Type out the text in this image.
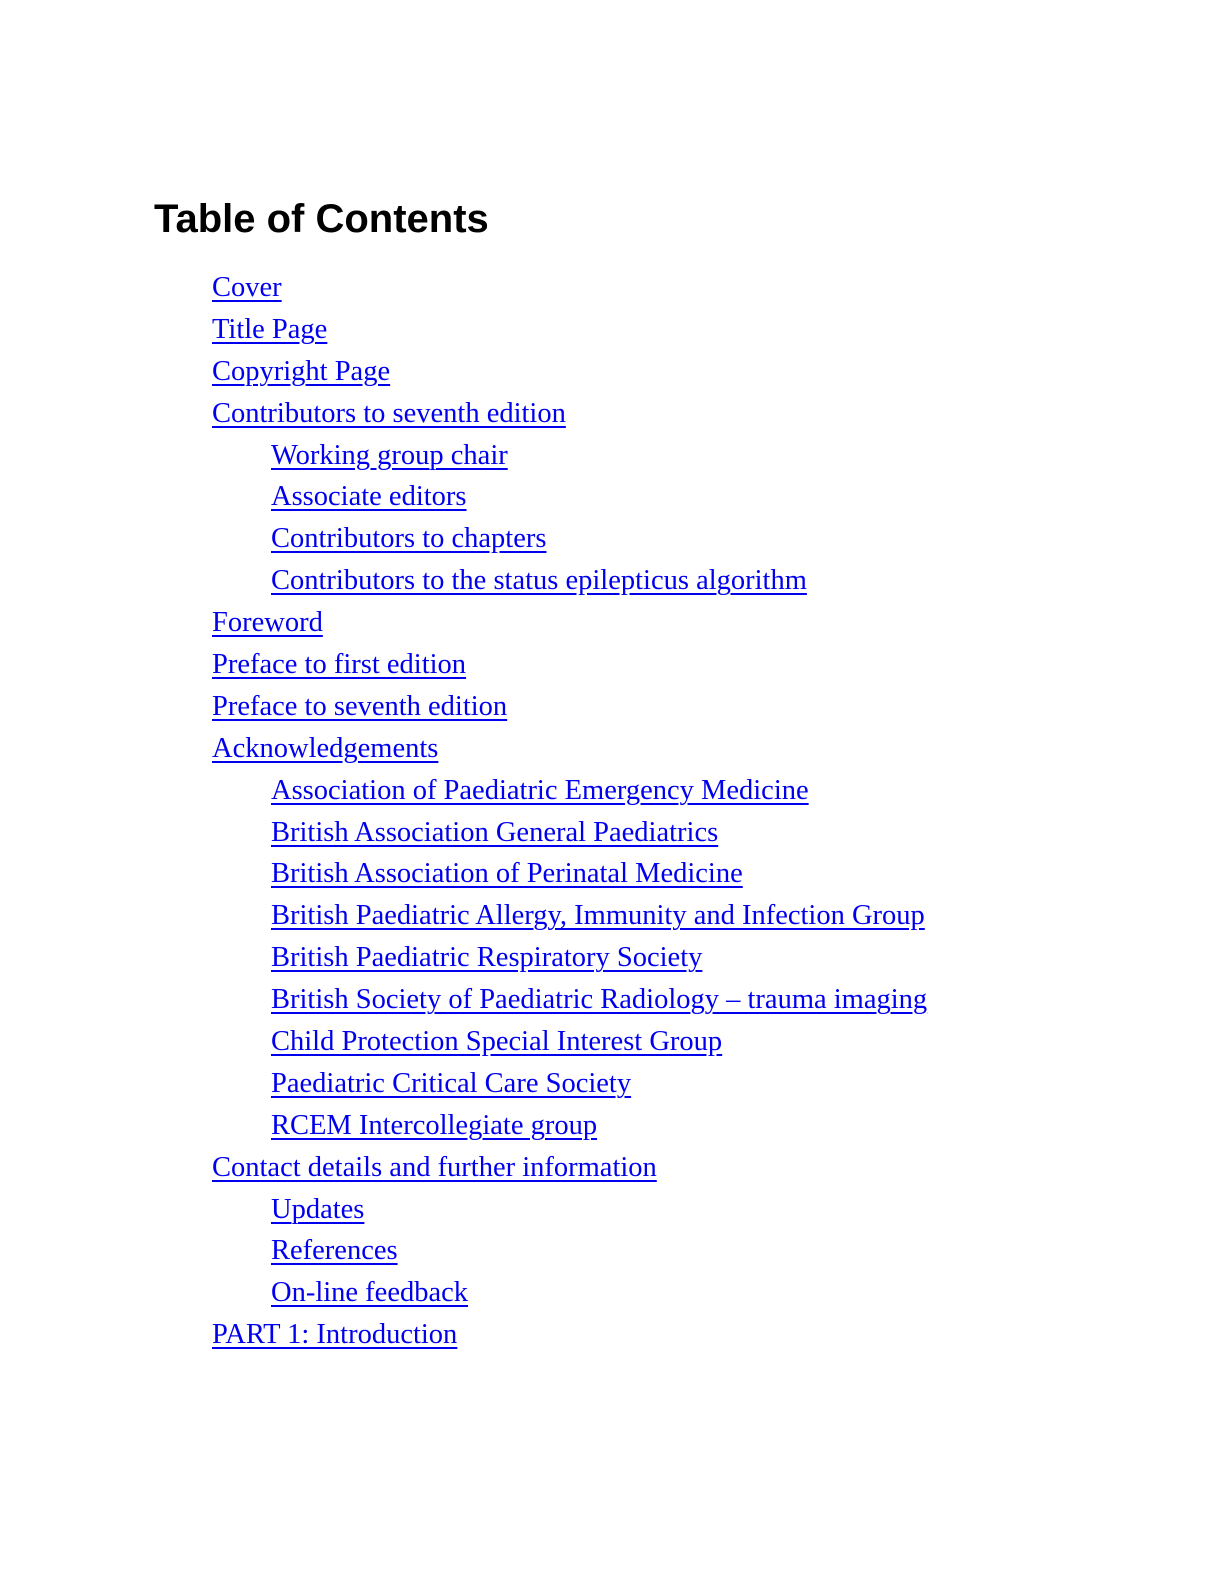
Table of Contents
Cover
Title Page
Copyright Page
Contributors to seventh edition
Working group chair
Associate editors
Contributors to chapters
Contributors to the status epilepticus algorithm
Foreword
Preface to first edition
Preface to seventh edition
Acknowledgements
Association of Paediatric Emergency Medicine
British Association General Paediatrics
British Association of Perinatal Medicine
British Paediatric Allergy, Immunity and Infection Group
British Paediatric Respiratory Society
British Society of Paediatric Radiology – trauma imaging
Child Protection Special Interest Group
Paediatric Critical Care Society
RCEM Intercollegiate group
Contact details and further information
Updates
References
On-line feedback
PART 1: Introduction
